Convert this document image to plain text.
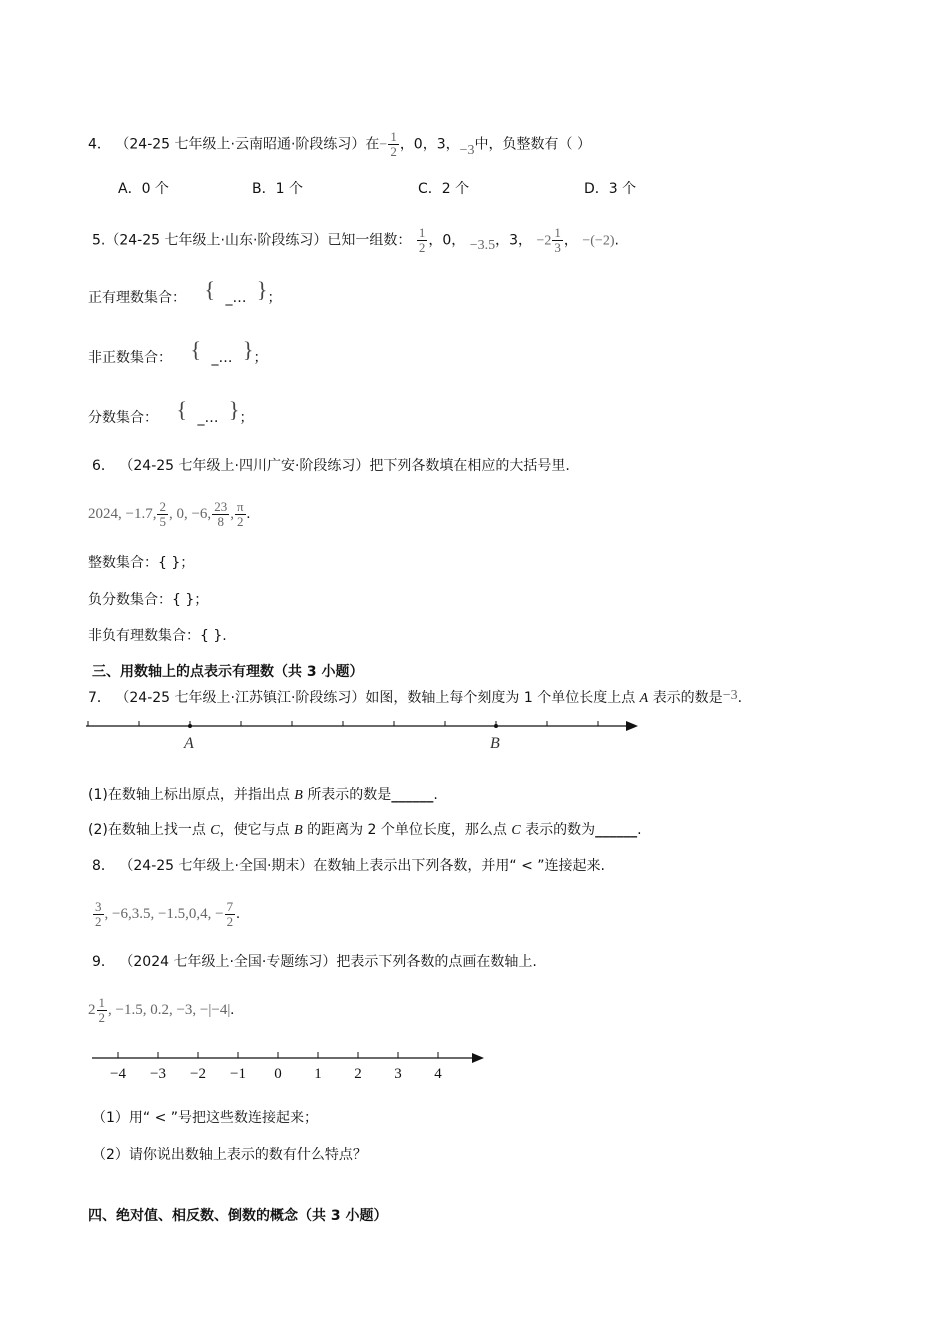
4． （24-25 七年级上·云南昭通·阶段练习）在− $\frac{1}{2}$ ，0，3，−3中，负整数有（ ）
A．0 个	B．1 个	C．2 个	D．3 个
5.（24-25 七年级上·山东·阶段练习）已知一组数： $\frac{1}{2}$ ，0， −3.5，3， $-2 \frac{1}{3}$ ， −(−2).
正有理数集合： { _… }；
非正数集合： { _… }；
分数集合： { _… }；
6． （24-25 七年级上·四川广安·阶段练习）把下列各数填在相应的大括号里.
2024, −1.7, $\frac{2}{5}$ , 0, −6, $\frac{23}{8}$ , $\frac{\pi}{2}$ .
整数集合：{ }；
负分数集合：{ }；
非负有理数集合：{ }.
三、用数轴上的点表示有理数（共 3 小题）
7． （24-25 七年级上·江苏镇江·阶段练习）如图，数轴上每个刻度为 1 个单位长度上点 A 表示的数是−3.
A	B
(1)在数轴上标出原点，并指出点 B 所表示的数是______.
(2)在数轴上找一点 C，使它与点 B 的距离为 2 个单位长度，那么点 C 表示的数为______.
8． （24-25 七年级上·全国·期末）在数轴上表示出下列各数，并用“ < ”连接起来.
$\frac{3}{2}$ , −6,3.5, −1.5,0,4, − $\frac{7}{2}$ .
9． （2024 七年级上·全国·专题练习）把表示下列各数的点画在数轴上.
$2 \frac{1}{2}$ , −1.5, 0.2, −3, −|−4|.
−4 −3 −2 −1 0 1 2 3 4
（1）用“ < ”号把这些数连接起来；
（2）请你说出数轴上表示的数有什么特点？
四、绝对值、相反数、倒数的概念（共 3 小题）
